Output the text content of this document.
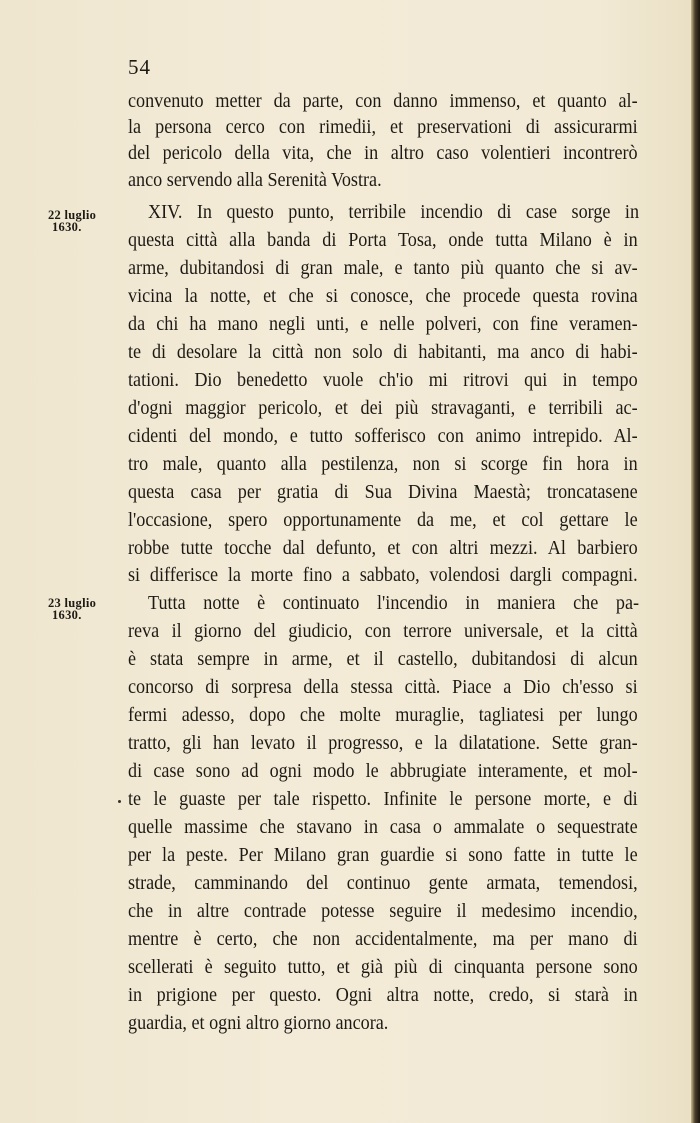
54
22 luglio
1630.
23 luglio
1630.
convenuto metter da parte, con danno immenso, et quanto al-
la persona cerco con rimedii, et preservationi di assicurarmi
del pericolo della vita, che in altro caso volentieri incontrerò
anco servendo alla Serenità Vostra.
XIV. In questo punto, terribile incendio di case sorge in
questa città alla banda di Porta Tosa, onde tutta Milano è in
arme, dubitandosi di gran male, e tanto più quanto che si av-
vicina la notte, et che si conosce, che procede questa rovina
da chi ha mano negli unti, e nelle polveri, con fine veramen-
te di desolare la città non solo di habitanti, ma anco di habi-
tationi. Dio benedetto vuole ch'io mi ritrovi qui in tempo
d'ogni maggior pericolo, et dei più stravaganti, e terribili ac-
cidenti del mondo, e tutto sofferisco con animo intrepido. Al-
tro male, quanto alla pestilenza, non si scorge fin hora in
questa casa per gratia di Sua Divina Maestà; troncatasene
l'occasione, spero opportunamente da me, et col gettare le
robbe tutte tocche dal defunto, et con altri mezzi. Al barbiero
si differisce la morte fino a sabbato, volendosi dargli compagni.
Tutta notte è continuato l'incendio in maniera che pa-
reva il giorno del giudicio, con terrore universale, et la città
è stata sempre in arme, et il castello, dubitandosi di alcun
concorso di sorpresa della stessa città. Piace a Dio ch'esso si
fermi adesso, dopo che molte muraglie, tagliatesi per lungo
tratto, gli han levato il progresso, e la dilatatione. Sette gran-
di case sono ad ogni modo le abbrugiate interamente, et mol-
te le guaste per tale rispetto. Infinite le persone morte, e di
quelle massime che stavano in casa o ammalate o sequestrate
per la peste. Per Milano gran guardie si sono fatte in tutte le
strade, camminando del continuo gente armata, temendosi,
che in altre contrade potesse seguire il medesimo incendio,
mentre è certo, che non accidentalmente, ma per mano di
scellerati è seguito tutto, et già più di cinquanta persone sono
in prigione per questo. Ogni altra notte, credo, si starà in
guardia, et ogni altro giorno ancora.
